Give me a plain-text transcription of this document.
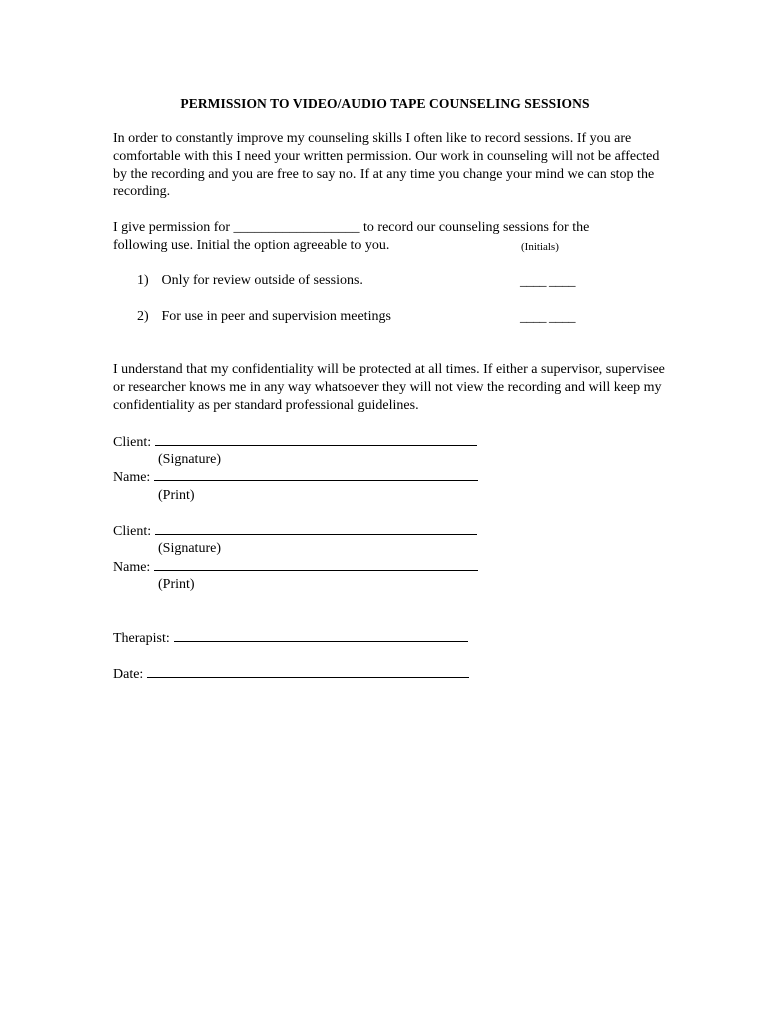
PERMISSION TO VIDEO/AUDIO TAPE COUNSELING SESSIONS
In order to constantly improve my counseling skills I often like to record sessions. If you are comfortable with this I need your written permission. Our work in counseling will not be affected by the recording and you are free to say no. If at any time you change your mind we can stop the recording.
I give permission for __________________ to record our counseling sessions for the
following use. Initial the option agreeable to you.	(Initials)
1) Only for review outside of sessions.	____ ____
2) For use in peer and supervision meetings	____ ____
I understand that my confidentiality will be protected at all times. If either a supervisor, supervisee or researcher knows me in any way whatsoever they will not view the recording and will keep my confidentiality as per standard professional guidelines.
Client:
(Signature)
Name:
(Print)
Client:
(Signature)
Name:
(Print)
Therapist:
Date:
